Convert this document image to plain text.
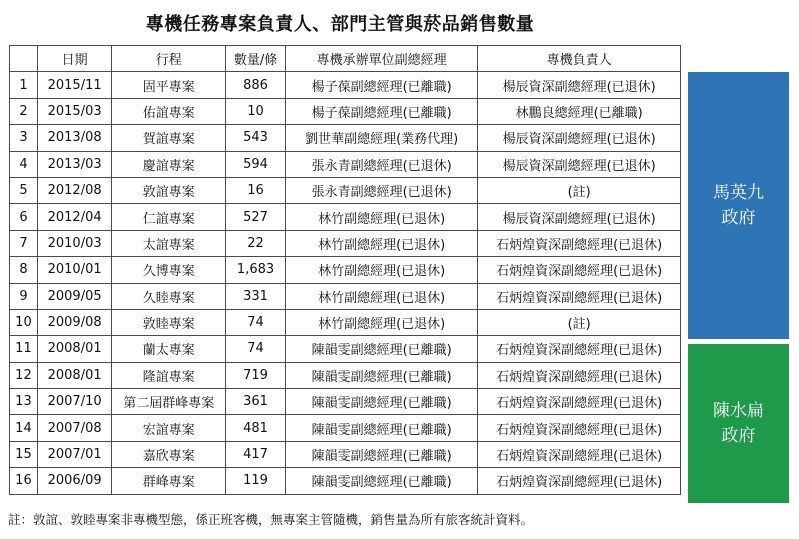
專機任務專案負責人、部門主管與菸品銷售數量
	日期	行程	數量/條	專機承辦單位副總經理	專機負責人
1	2015/11	固平專案	886	楊子葆副總經理(已離職)	楊辰資深副總經理(已退休)
2	2015/03	佑誼專案	10	楊子葆副總經理(已離職)	林鵬良總經理(已離職)
3	2013/08	賀誼專案	543	劉世華副總經理(業務代理)	楊辰資深副總經理(已退休)
4	2013/03	慶誼專案	594	張永青副總經理(已退休)	楊辰資深副總經理(已退休)
5	2012/08	敦誼專案	16	張永青副總經理(已退休)	(註)
6	2012/04	仁誼專案	527	林竹副總經理(已退休)	楊辰資深副總經理(已退休)
7	2010/03	太誼專案	22	林竹副總經理(已退休)	石炳煌資深副總經理(已退休)
8	2010/01	久博專案	1,683	林竹副總經理(已退休)	石炳煌資深副總經理(已退休)
9	2009/05	久睦專案	331	林竹副總經理(已退休)	石炳煌資深副總經理(已退休)
10	2009/08	敦睦專案	74	林竹副總經理(已退休)	(註)
11	2008/01	蘭太專案	74	陳韻雯副總經理(已離職)	石炳煌資深副總經理(已退休)
12	2008/01	隆誼專案	719	陳韻雯副總經理(已離職)	石炳煌資深副總經理(已退休)
13	2007/10	第二屆群峰專案	361	陳韻雯副總經理(已離職)	石炳煌資深副總經理(已退休)
14	2007/08	宏誼專案	481	陳韻雯副總經理(已離職)	石炳煌資深副總經理(已退休)
15	2007/01	嘉欣專案	417	陳韻雯副總經理(已離職)	石炳煌資深副總經理(已退休)
16	2006/09	群峰專案	119	陳韻雯副總經理(已離職)	石炳煌資深副總經理(已退休)
馬英九
政府
陳水扁
政府
註：敦誼、敦睦專案非專機型態，係正班客機，無專案主管隨機，銷售量為所有旅客統計資料。
